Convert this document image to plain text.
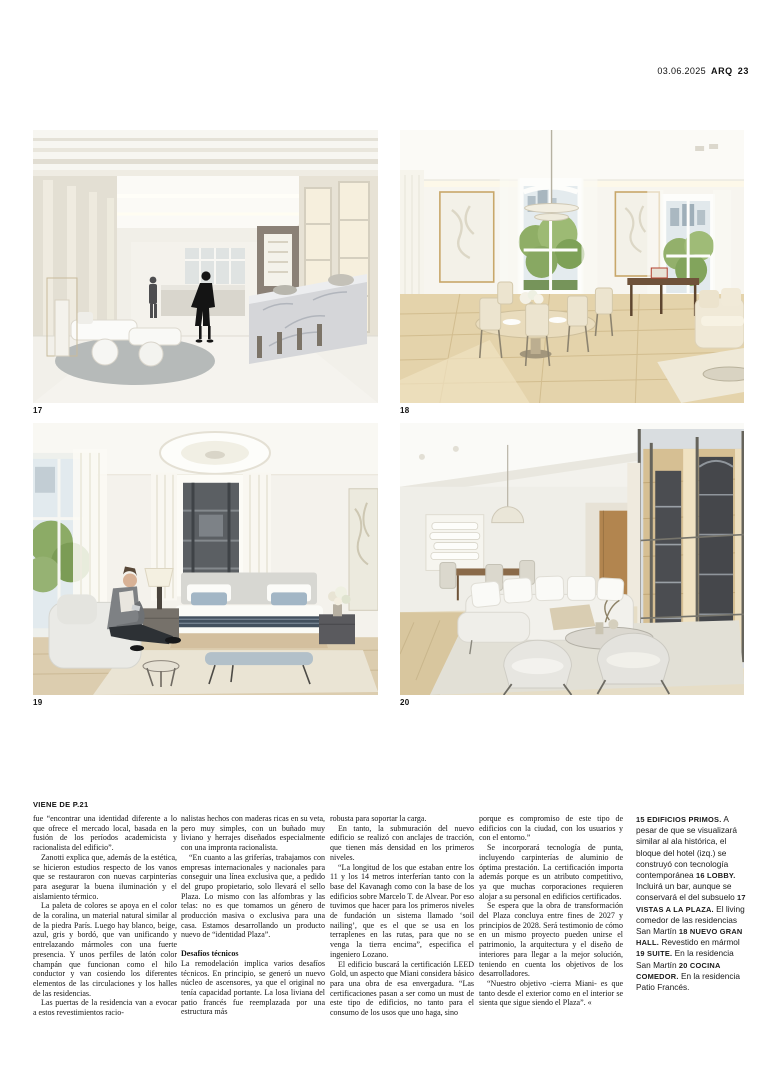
03.06.2025 ARQ 23
17	18
19	20
VIENE DE P.21

fue “encontrar una identidad diferente a lo que ofrece el mercado local, basada en la fusión de los períodos academicista y racionalista del edificio”.

Zanotti explica que, además de la estética, se hicieron estudios respecto de los vanos que se restauraron con nuevas carpinterías para asegurar la buena iluminación y el aislamiento térmico.

La paleta de colores se apoya en el color de la coralina, un material natural similar al de la piedra París. Luego hay blanco, beige, azul, gris y bordó, que van unificando y entrelazando mármoles con una fuerte presencia. Y unos perfiles de latón color champán que funcionan como el hilo conductor y van cosiendo los diferentes elementos de las circulaciones y los halles de las residencias.

Las puertas de la residencia van a evocar a estos revestimientos racio-

nalistas hechos con maderas ricas en su veta, pero muy simples, con un buñado muy liviano y herrajes diseñados especialmente con una impronta racionalista.

“En cuanto a las griferías, trabajamos con empresas internacionales y nacionales para conseguir una línea exclusiva que, a pedido del grupo propietario, solo llevará el sello Plaza. Lo mismo con las alfombras y las telas: no es que tomamos un género de producción masiva o exclusiva para una casa. Estamos desarrollando un producto nuevo de “identidad Plaza”.

Desafíos técnicos

La remodelación implica varios desafíos técnicos. En principio, se generó un nuevo núcleo de ascensores, ya que el original no tenía capacidad portante. La losa liviana del patio francés fue reemplazada por una estructura más

robusta para soportar la carga.

En tanto, la submuración del nuevo edificio se realizó con anclajes de tracción, que tienen más densidad en los primeros niveles.

“La longitud de los que estaban entre los 11 y los 14 metros interferían tanto con la base del Kavanagh como con la base de los edificios sobre Marcelo T. de Alvear. Por eso tuvimos que hacer para los primeros niveles de fundación un sistema llamado ‘soil nailing’, que es el que se usa en los terraplenes en las rutas, para que no se venga la tierra encima”, especifica el ingeniero Lozano.

El edificio buscará la certificación LEED Gold, un aspecto que Miani considera básico para una obra de esa envergadura. “Las certificaciones pasan a ser como un must de este tipo de edificios, no tanto para el consumo de los usos que uno haga, sino

porque es compromiso de este tipo de edificios con la ciudad, con los usuarios y con el entorno.”

Se incorporará tecnología de punta, incluyendo carpinterías de aluminio de óptima prestación. La certificación importa además porque es un atributo competitivo, ya que muchas corporaciones requieren alojar a su personal en edificios certificados.

Se espera que la obra de transformación del Plaza concluya entre fines de 2027 y principios de 2028. Será testimonio de cómo en un mismo proyecto pueden unirse el patrimonio, la arquitectura y el diseño de interiores para llegar a la mejor solución, teniendo en cuenta los objetivos de los desarrolladores.

“Nuestro objetivo -cierra Miani- es que tanto desde el exterior como en el interior se sienta que sigue siendo el Plaza”. «

15 EDIFICIOS PRIMOS. A pesar de que se visualizará similar al ala histórica, el bloque del hotel (izq.) se construyó con tecnología contemporánea 16 LOBBY. Incluirá un bar, aunque se conservará el del subsuelo 17 VISTAS A LA PLAZA. El living comedor de las residencias San Martín 18 NUEVO GRAN HALL. Revestido en mármol 19 SUITE. En la residencia San Martín 20 COCINA COMEDOR. En la residencia Patio Francés.
